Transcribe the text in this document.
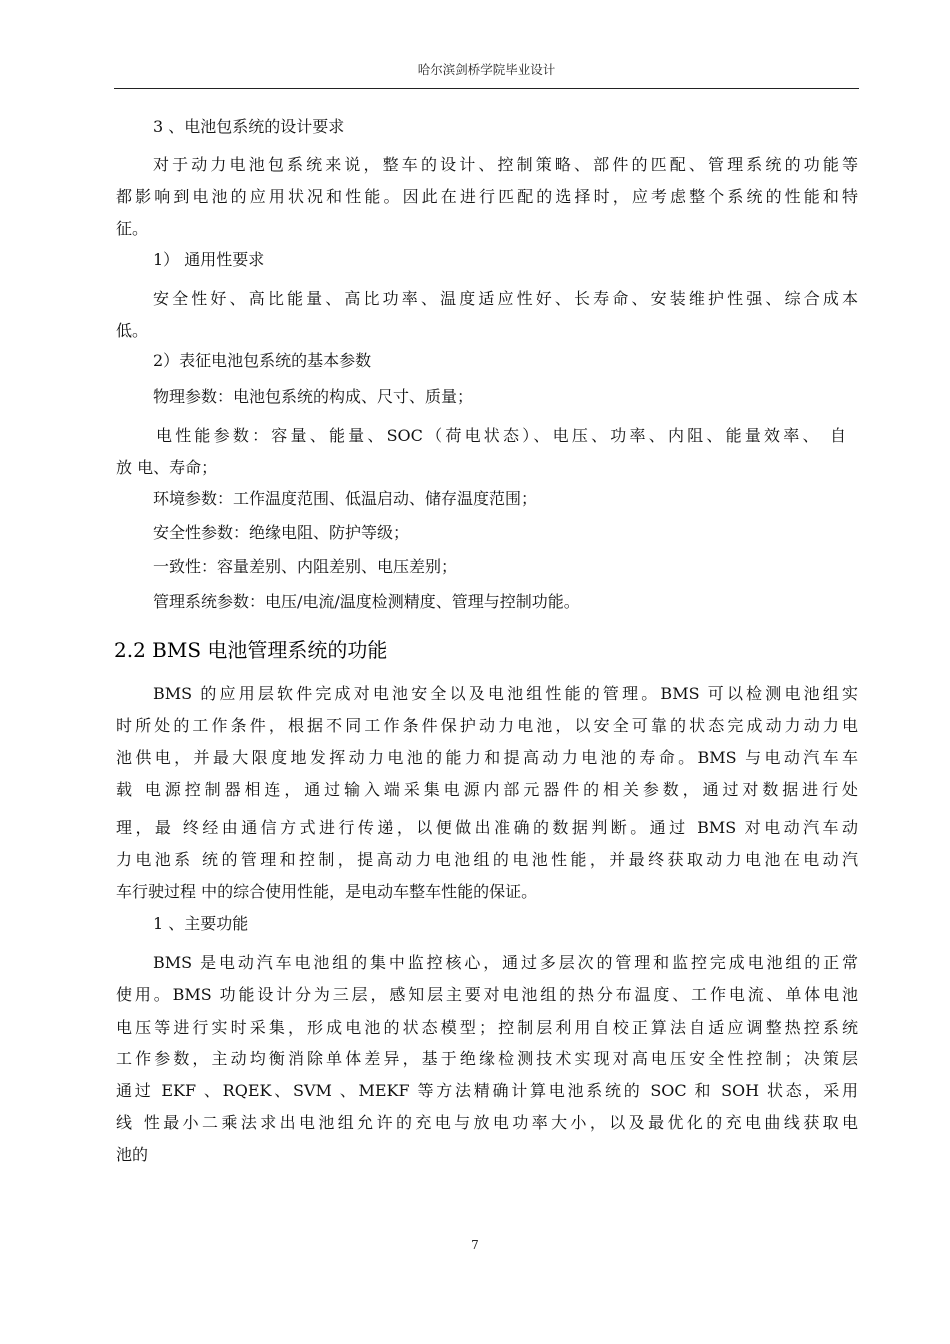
哈尔滨剑桥学院毕业设计
3 、电池包系统的设计要求
对于动力电池包系统来说，整车的设计、控制策略、部件的匹配、管理系统的功能等
都影响到电池的应用状况和性能。因此在进行匹配的选择时，应考虑整个系统的性能和特
征。
1） 通用性要求
安全性好、高比能量、高比功率、温度适应性好、长寿命、安装维护性强、综合成本
低。
2）表征电池包系统的基本参数
物理参数：电池包系统的构成、尺寸、质量；
电性能参数：容量、能量、SOC（荷电状态）、电压、功率、内阻、能量效率、 自
放 电、寿命；
环境参数：工作温度范围、低温启动、储存温度范围；
安全性参数：绝缘电阻、防护等级；
一致性：容量差别、内阻差别、电压差别；
管理系统参数：电压/电流/温度检测精度、管理与控制功能。
2.2 BMS 电池管理系统的功能
BMS 的应用层软件完成对电池安全以及电池组性能的管理。BMS 可以检测电池组实
时所处的工作条件，根据不同工作条件保护动力电池，以安全可靠的状态完成动力动力电
池供电，并最大限度地发挥动力电池的能力和提高动力电池的寿命。BMS 与电动汽车车
载 电源控制器相连，通过输入端采集电源内部元器件的相关参数，通过对数据进行处
理，最 终经由通信方式进行传递，以便做出准确的数据判断。通过 BMS 对电动汽车动
力电池系 统的管理和控制，提高动力电池组的电池性能，并最终获取动力电池在电动汽
车行驶过程 中的综合使用性能，是电动车整车性能的保证。
1 、主要功能
BMS 是电动汽车电池组的集中监控核心，通过多层次的管理和监控完成电池组的正常
使用。BMS 功能设计分为三层，感知层主要对电池组的热分布温度、工作电流、单体电池
电压等进行实时采集，形成电池的状态模型；控制层利用自校正算法自适应调整热控系统
工作参数，主动均衡消除单体差异，基于绝缘检测技术实现对高电压安全性控制；决策层
通过 EKF 、RQEK、SVM 、MEKF 等方法精确计算电池系统的 SOC 和 SOH 状态，采用
线 性最小二乘法求出电池组允许的充电与放电功率大小，以及最优化的充电曲线获取电
池的
7
